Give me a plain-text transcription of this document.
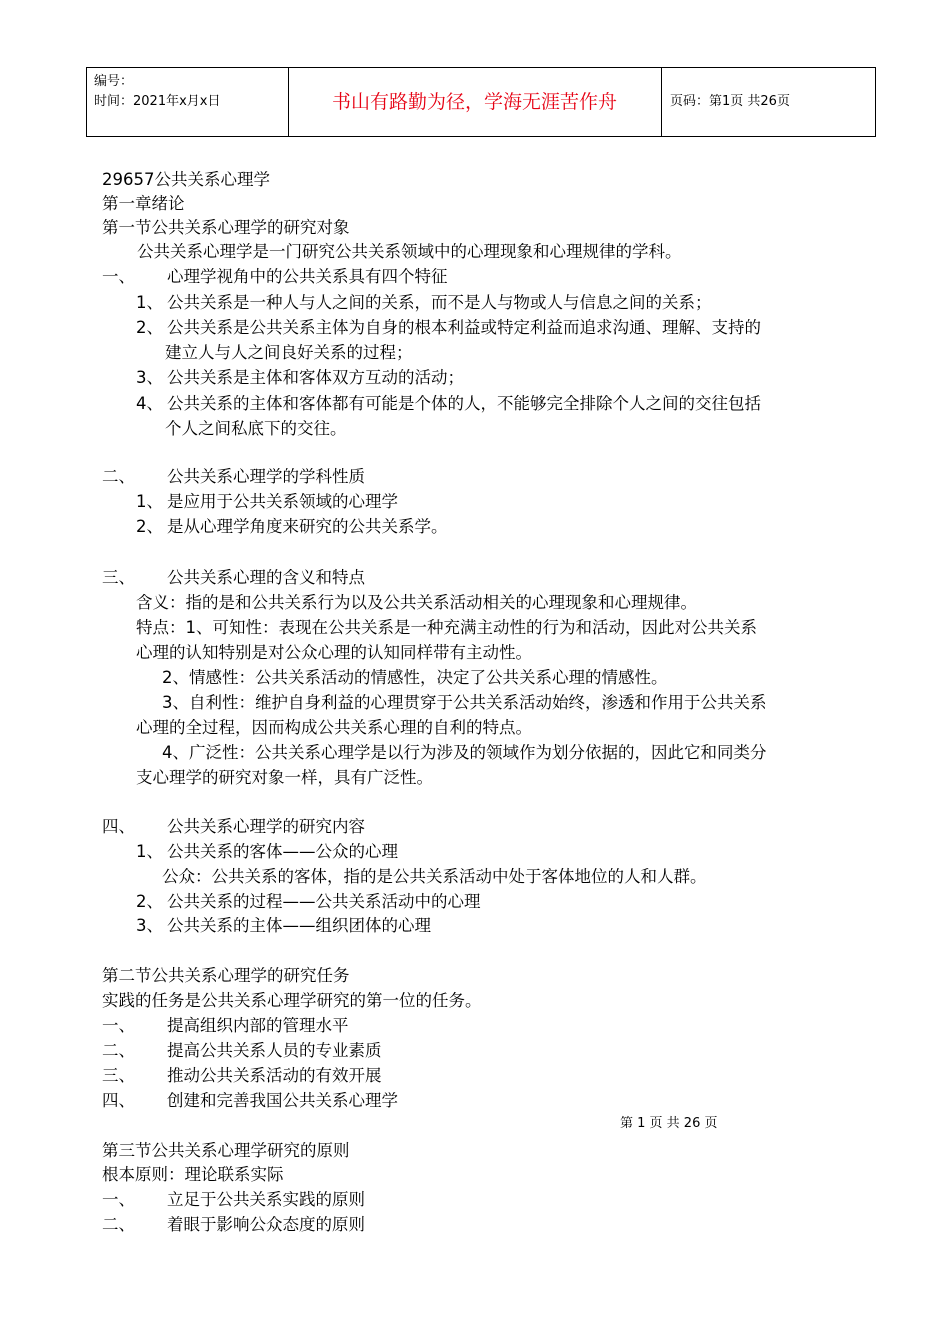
编号：
时间：2021年x月x日	书山有路勤为径，学海无涯苦作舟	页码：第1页 共26页
29657公共关系心理学
第一章绪论
第一节公共关系心理学的研究对象
公共关系心理学是一门研究公共关系领域中的心理现象和心理规律的学科。
一、 心理学视角中的公共关系具有四个特征
1、 公共关系是一种人与人之间的关系，而不是人与物或人与信息之间的关系；
2、 公共关系是公共关系主体为自身的根本利益或特定利益而追求沟通、理解、支持的
建立人与人之间良好关系的过程；
3、 公共关系是主体和客体双方互动的活动；
4、 公共关系的主体和客体都有可能是个体的人，不能够完全排除个人之间的交往包括
个人之间私底下的交往。
二、 公共关系心理学的学科性质
1、 是应用于公共关系领域的心理学
2、 是从心理学角度来研究的公共关系学。
三、 公共关系心理的含义和特点
含义：指的是和公共关系行为以及公共关系活动相关的心理现象和心理规律。
特点：1、可知性：表现在公共关系是一种充满主动性的行为和活动，因此对公共关系
心理的认知特别是对公众心理的认知同样带有主动性。
2、情感性：公共关系活动的情感性，决定了公共关系心理的情感性。
3、自利性：维护自身利益的心理贯穿于公共关系活动始终，渗透和作用于公共关系
心理的全过程，因而构成公共关系心理的自利的特点。
4、广泛性：公共关系心理学是以行为涉及的领域作为划分依据的，因此它和同类分
支心理学的研究对象一样，具有广泛性。
四、 公共关系心理学的研究内容
1、 公共关系的客体——公众的心理
公众：公共关系的客体，指的是公共关系活动中处于客体地位的人和人群。
2、 公共关系的过程——公共关系活动中的心理
3、 公共关系的主体——组织团体的心理
第二节公共关系心理学的研究任务
实践的任务是公共关系心理学研究的第一位的任务。
一、 提高组织内部的管理水平
二、 提高公共关系人员的专业素质
三、 推动公共关系活动的有效开展
四、 创建和完善我国公共关系心理学
第 1 页 共 26 页
第三节公共关系心理学研究的原则
根本原则：理论联系实际
一、 立足于公共关系实践的原则
二、 着眼于影响公众态度的原则
